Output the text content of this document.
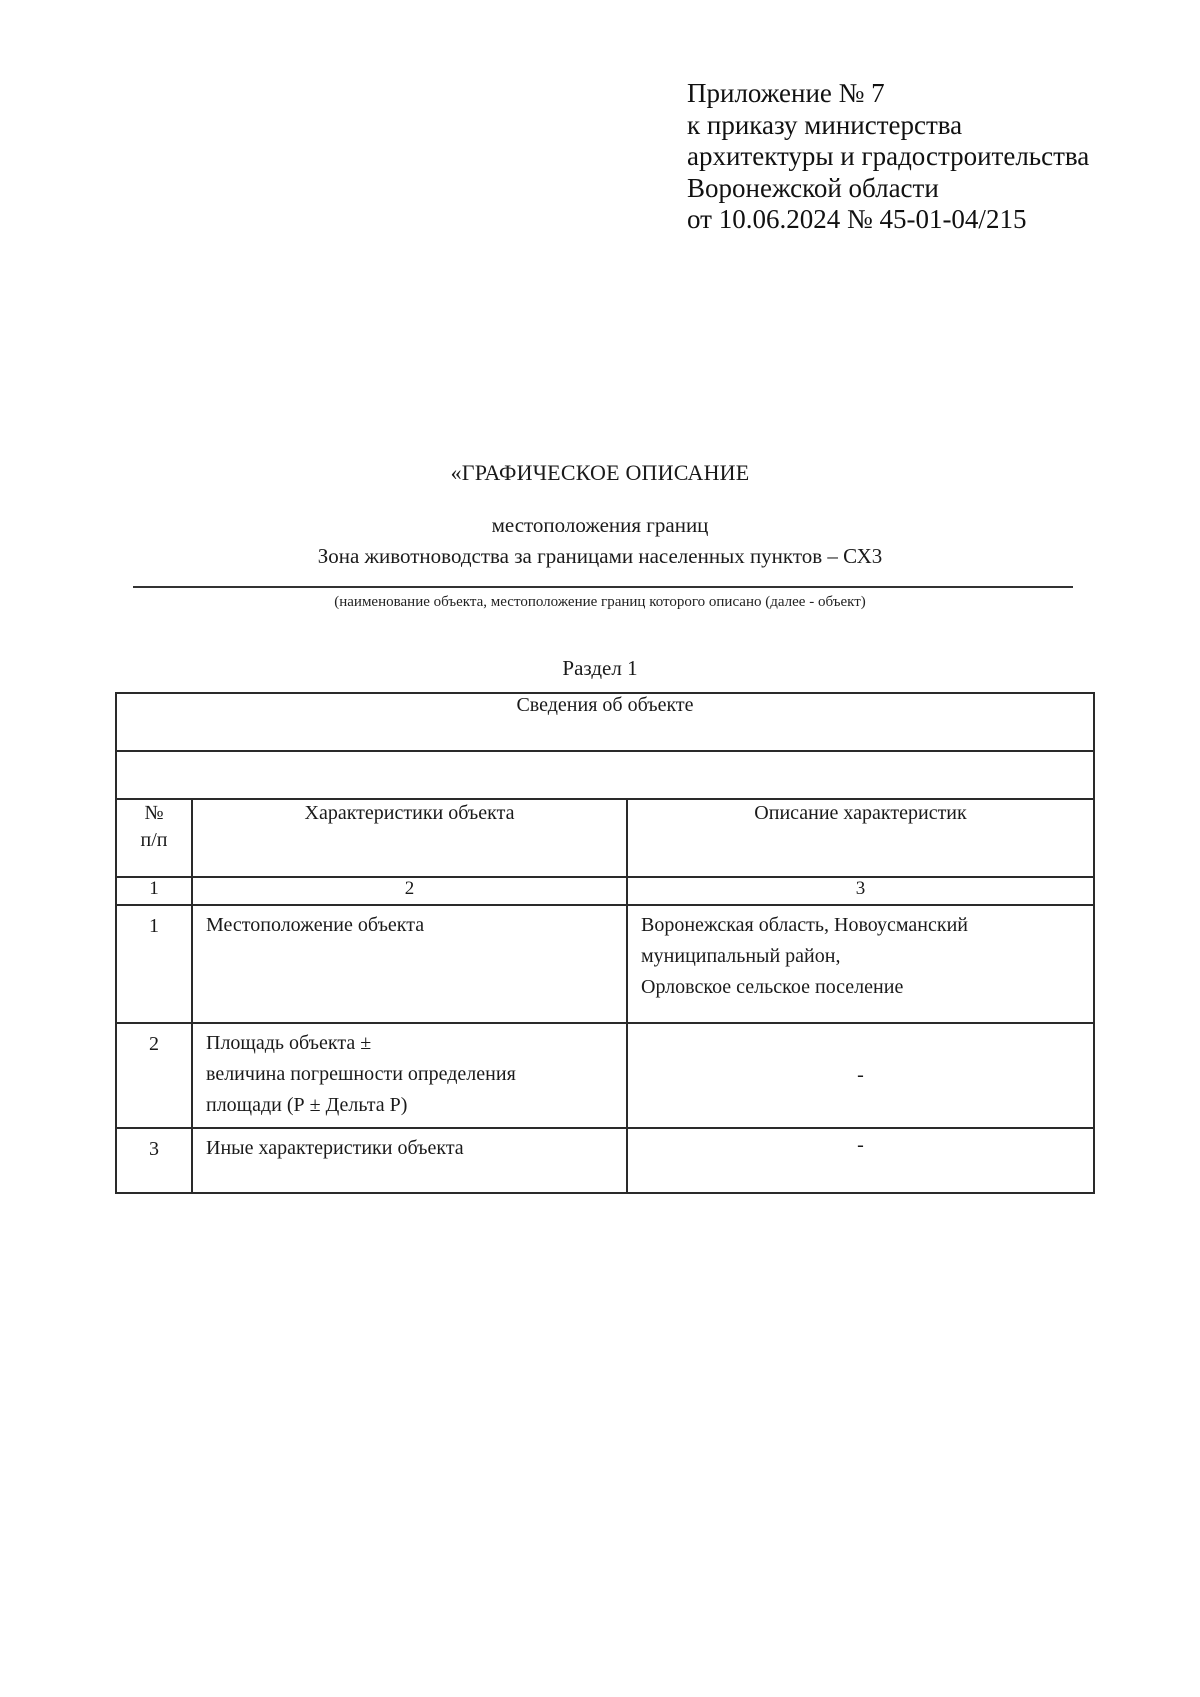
Приложение № 7
к приказу министерства
архитектуры и градостроительства
Воронежской области
от 10.06.2024 № 45-01-04/215
«ГРАФИЧЕСКОЕ ОПИСАНИЕ
местоположения границ
Зона животноводства за границами населенных пунктов – СХ3
(наименование объекта, местоположение границ которого описано (далее - объект)
Раздел 1
Сведения об объекте		

№
п/п	Характеристики объекта	Описание характеристик
1	2	3
1	Местоположение объекта	Воронежская область, Новоусманский
муниципальный район,
Орловское сельское поселение

2	Площадь объекта ±
величина погрешности определения
площади (Р ± Дельта Р)	-
3	Иные характеристики объекта	-
